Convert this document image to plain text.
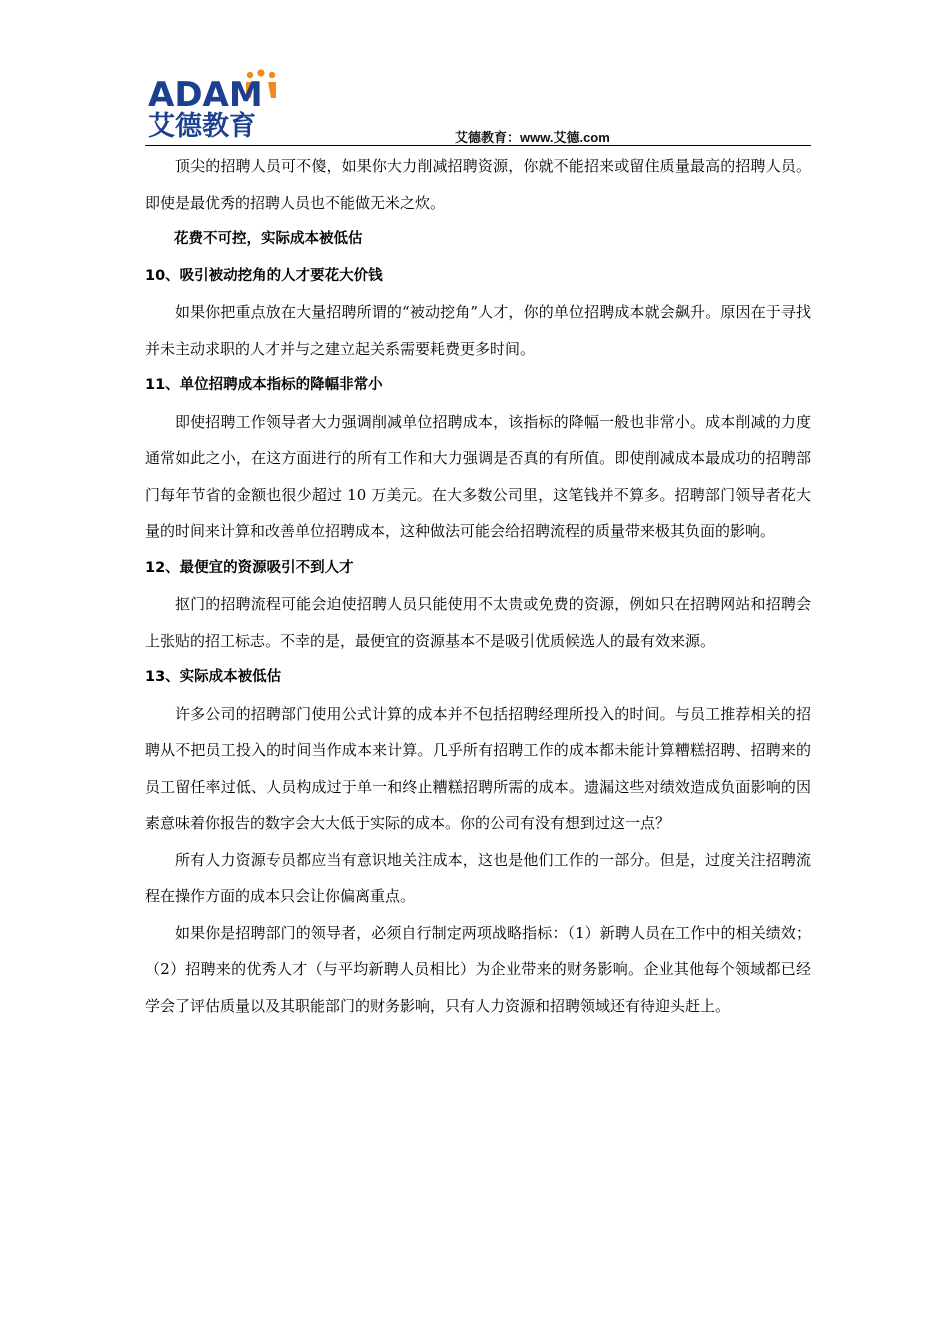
ADAM
艾德教育	艾德教育：www.艾德.com

顶尖的招聘人员可不傻，如果你大力削减招聘资源，你就不能招来或留住质量最高的招聘人员。即使是最优秀的招聘人员也不能做无米之炊。

花费不可控，实际成本被低估

10、吸引被动挖角的人才要花大价钱

如果你把重点放在大量招聘所谓的“被动挖角”人才，你的单位招聘成本就会飙升。原因在于寻找并未主动求职的人才并与之建立起关系需要耗费更多时间。

11、单位招聘成本指标的降幅非常小

即使招聘工作领导者大力强调削减单位招聘成本，该指标的降幅一般也非常小。成本削减的力度通常如此之小，在这方面进行的所有工作和大力强调是否真的有所值。即使削减成本最成功的招聘部门每年节省的金额也很少超过 10 万美元。在大多数公司里，这笔钱并不算多。招聘部门领导者花大量的时间来计算和改善单位招聘成本，这种做法可能会给招聘流程的质量带来极其负面的影响。

12、最便宜的资源吸引不到人才

抠门的招聘流程可能会迫使招聘人员只能使用不太贵或免费的资源，例如只在招聘网站和招聘会上张贴的招工标志。不幸的是，最便宜的资源基本不是吸引优质候选人的最有效来源。

13、实际成本被低估

许多公司的招聘部门使用公式计算的成本并不包括招聘经理所投入的时间。与员工推荐相关的招聘从不把员工投入的时间当作成本来计算。几乎所有招聘工作的成本都未能计算糟糕招聘、招聘来的员工留任率过低、人员构成过于单一和终止糟糕招聘所需的成本。遗漏这些对绩效造成负面影响的因素意味着你报告的数字会大大低于实际的成本。你的公司有没有想到过这一点？

所有人力资源专员都应当有意识地关注成本，这也是他们工作的一部分。但是，过度关注招聘流程在操作方面的成本只会让你偏离重点。

如果你是招聘部门的领导者，必须自行制定两项战略指标：（1）新聘人员在工作中的相关绩效；（2）招聘来的优秀人才（与平均新聘人员相比）为企业带来的财务影响。企业其他每个领域都已经学会了评估质量以及其职能部门的财务影响，只有人力资源和招聘领域还有待迎头赶上。
